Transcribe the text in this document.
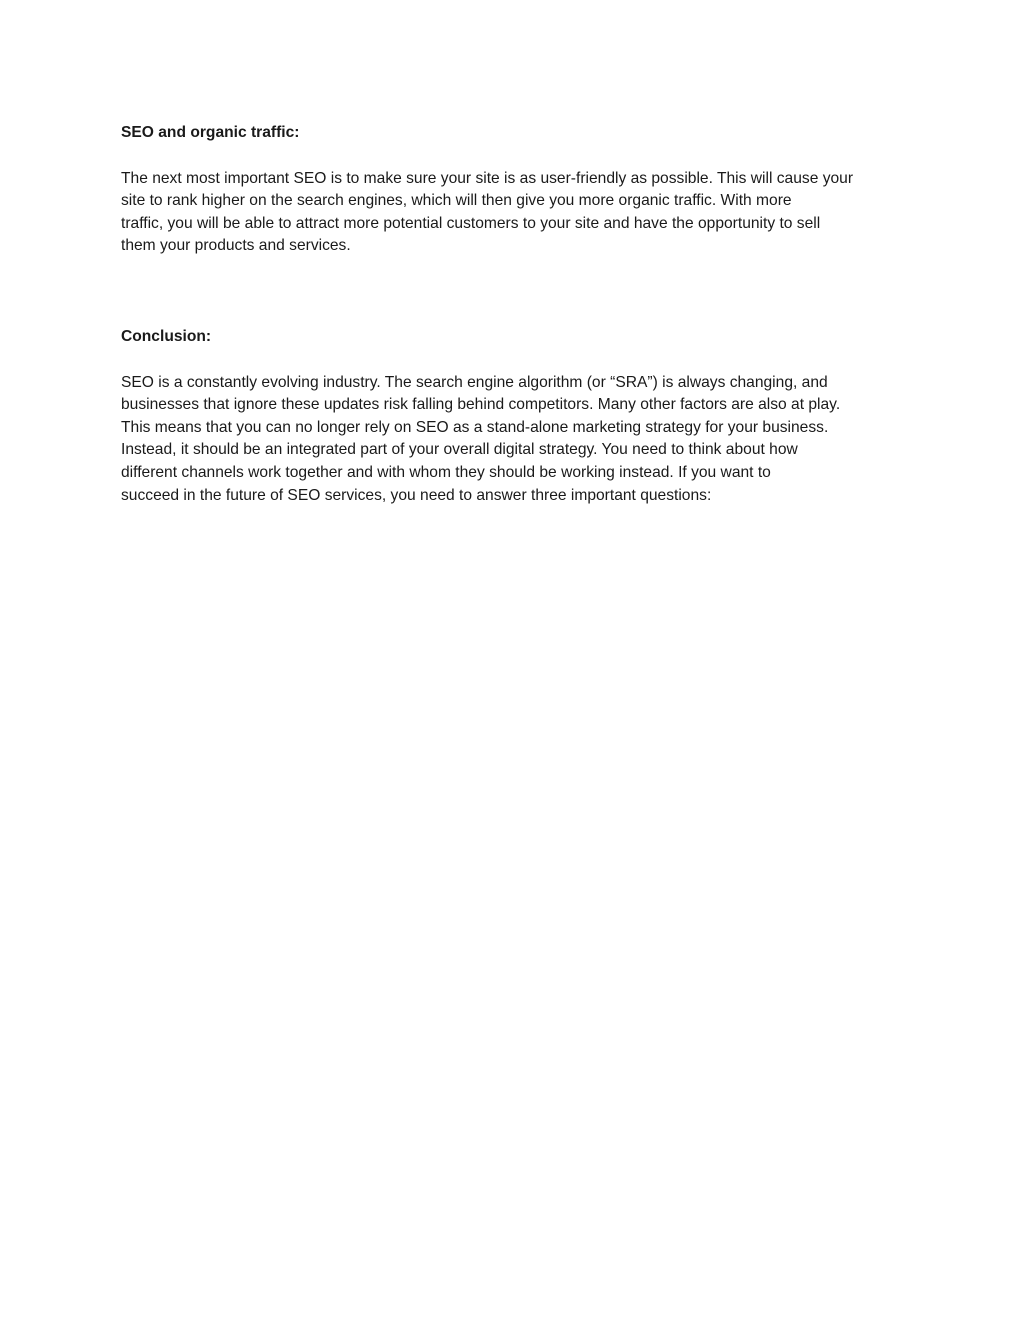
SEO and organic traffic:

The next most important SEO is to make sure your site is as user-friendly as possible. This will cause your
site to rank higher on the search engines, which will then give you more organic traffic. With more
traffic, you will be able to attract more potential customers to your site and have the opportunity to sell
them your products and services.

Conclusion:

SEO is a constantly evolving industry. The search engine algorithm (or “SRA”) is always changing, and
businesses that ignore these updates risk falling behind competitors. Many other factors are also at play.
This means that you can no longer rely on SEO as a stand-alone marketing strategy for your business.
Instead, it should be an integrated part of your overall digital strategy. You need to think about how
different channels work together and with whom they should be working instead. If you want to
succeed in the future of SEO services, you need to answer three important questions:
